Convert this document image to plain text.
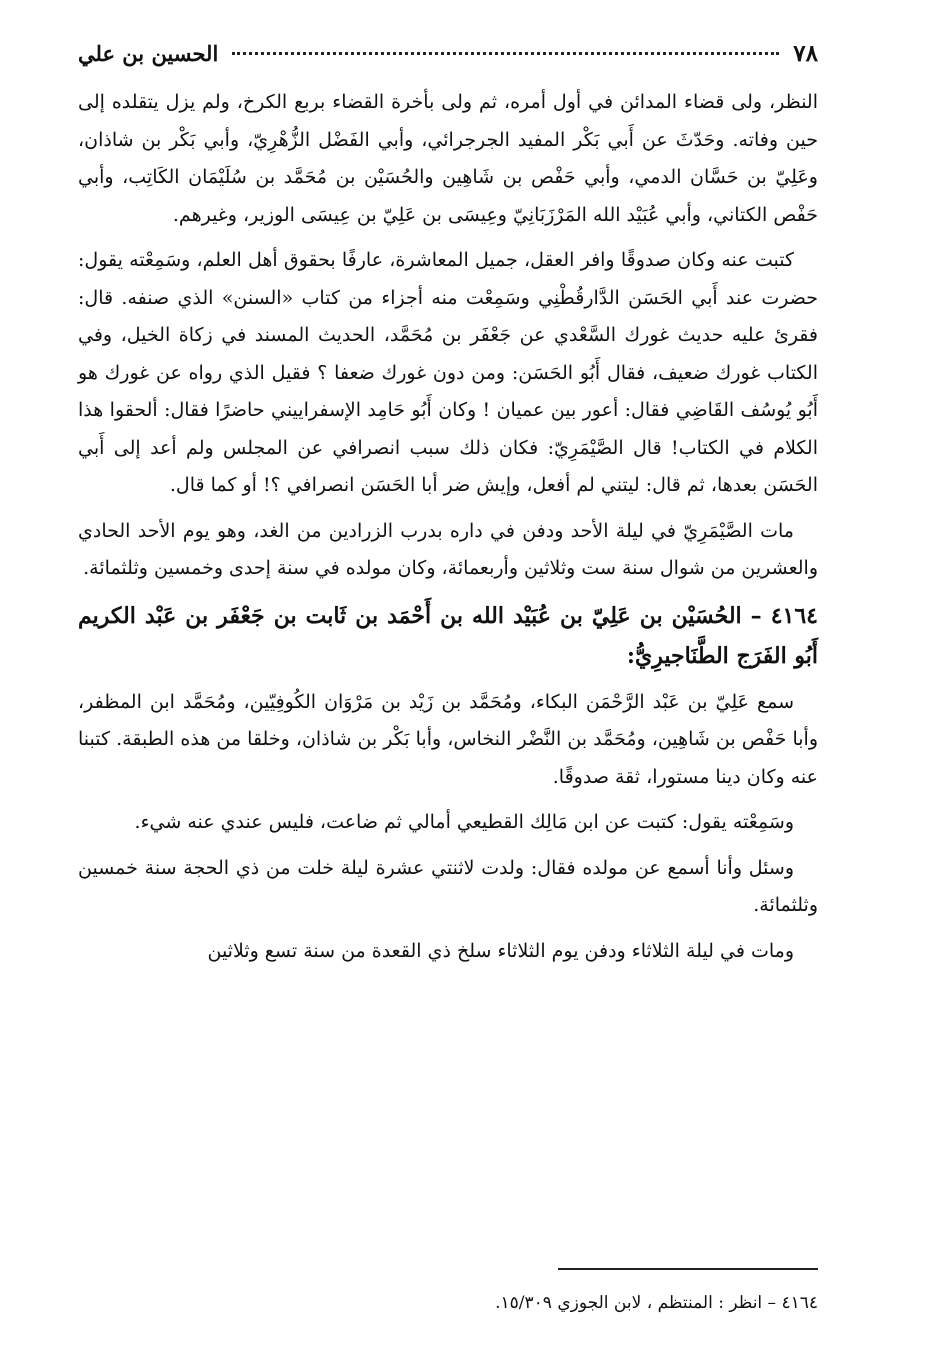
٧٨
الحسين بن علي

النظر، ولى قضاء المدائن في أول أمره، ثم ولى بأخرة القضاء بربع الكرخ، ولم يزل يتقلده إلى حين وفاته. وحَدّثَ عن أَبي بَكْر المفيد الجرجرائي، وأبي الفَضْل الزُّهْرِيّ، وأبي بَكْر بن شاذان، وعَلِيّ بن حَسَّان الدمي، وأبي حَفْص بن شَاهِين والحُسَيْن بن مُحَمَّد بن سُلَيْمَان الكَاتِب، وأبي حَفْص الكتاني، وأبي عُبَيْد الله المَرْزَبَانِيّ وعِيسَى بن عَلِيّ بن عِيسَى الوزير، وغيرهم.

كتبت عنه وكان صدوقًا وافر العقل، جميل المعاشرة، عارفًا بحقوق أهل العلم، وسَمِعْته يقول: حضرت عند أَبي الحَسَن الدَّارقُطْنِي وسَمِعْت منه أجزاء من كتاب «السنن» الذي صنفه. قال: فقرئ عليه حديث غورك السَّعْدي عن جَعْفَر بن مُحَمَّد، الحديث المسند في زكاة الخيل، وفي الكتاب غورك ضعيف، فقال أَبُو الحَسَن: ومن دون غورك ضعفا ؟ فقيل الذي رواه عن غورك هو أَبُو يُوسُف القَاضِي فقال: أعور بين عميان ! وكان أَبُو حَامِد الإسفراييني حاضرًا فقال: ألحقوا هذا الكلام في الكتاب! قال الصَّيْمَرِيّ: فكان ذلك سبب انصرافي عن المجلس ولم أعد إلى أَبي الحَسَن بعدها، ثم قال: ليتني لم أفعل، وإيش ضر أبا الحَسَن انصرافي ؟! أو كما قال.

مات الصَّيْمَرِيّ في ليلة الأحد ودفن في داره بدرب الزرادين من الغد، وهو يوم الأحد الحادي والعشرين من شوال سنة ست وثلاثين وأربعمائة، وكان مولده في سنة إحدى وخمسين وثلثمائة.

٤١٦٤ – الحُسَيْن بن عَلِيّ بن عُبَيْد الله بن أَحْمَد بن ثَابت بن جَعْفَر بن عَبْد الكريم أَبُو الفَرَج الطَّنَاجيرِيُّ:

سمع عَلِيّ بن عَبْد الرَّحْمَن البكاء، ومُحَمَّد بن زَيْد بن مَرْوَان الكُوفِيّين، ومُحَمَّد ابن المظفر، وأبا حَفْص بن شَاهِين، ومُحَمَّد بن النَّضْر النخاس، وأبا بَكْر بن شاذان، وخلقا من هذه الطبقة. كتبنا عنه وكان دينا مستورا، ثقة صدوقًا.

وسَمِعْته يقول: كتبت عن ابن مَالِك القطيعي أمالي ثم ضاعت، فليس عندي عنه شيء.

وسئل وأنا أسمع عن مولده فقال: ولدت لاثنتي عشرة ليلة خلت من ذي الحجة سنة خمسين وثلثمائة.

ومات في ليلة الثلاثاء ودفن يوم الثلاثاء سلخ ذي القعدة من سنة تسع وثلاثين

٤١٦٤ – انظر : المنتظم ، لابن الجوزي ١٥/٣٠٩.
